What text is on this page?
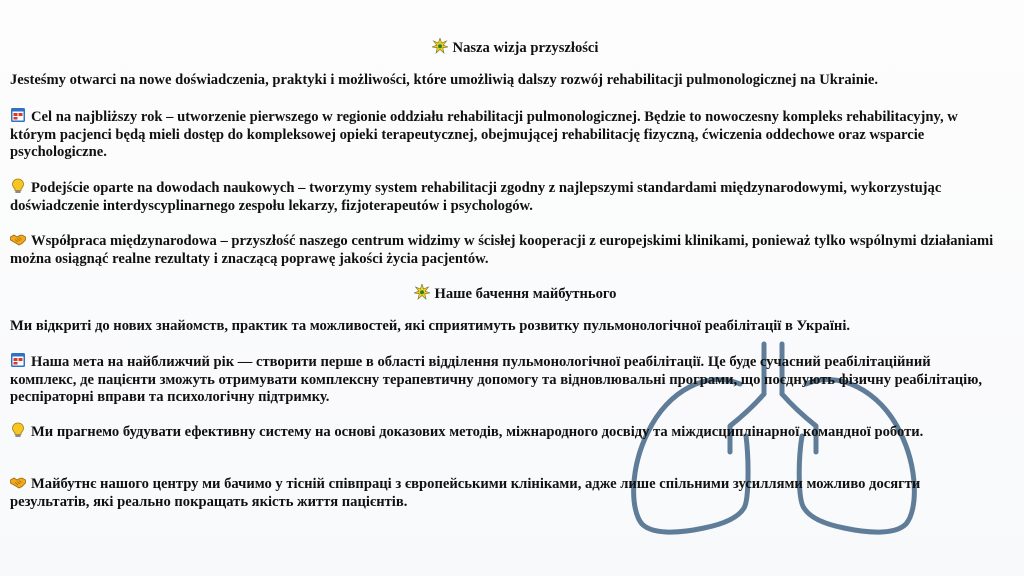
Nasza wizja przyszłości
Jesteśmy otwarci na nowe doświadczenia, praktyki i możliwości, które umożliwią dalszy rozwój rehabilitacji pulmonologicznej na Ukrainie.
Cel na najbliższy rok – utworzenie pierwszego w regionie oddziału rehabilitacji pulmonologicznej. Będzie to nowoczesny kompleks rehabilitacyjny, w którym pacjenci będą mieli dostęp do kompleksowej opieki terapeutycznej, obejmującej rehabilitację fizyczną, ćwiczenia oddechowe oraz wsparcie psychologiczne.
Podejście oparte na dowodach naukowych – tworzymy system rehabilitacji zgodny z najlepszymi standardami międzynarodowymi, wykorzystując doświadczenie interdyscyplinarnego zespołu lekarzy, fizjoterapeutów i psychologów.
Współpraca międzynarodowa – przyszłość naszego centrum widzimy w ścisłej kooperacji z europejskimi klinikami, ponieważ tylko wspólnymi działaniami można osiągnąć realne rezultaty i znaczącą poprawę jakości życia pacjentów.
Наше бачення майбутнього
Ми відкриті до нових знайомств, практик та можливостей, які сприятимуть розвитку пульмонологічної реабілітації в Україні.
Наша мета на найближчий рік — створити перше в області відділення пульмонологічної реабілітації. Це буде сучасний реабілітаційний комплекс, де пацієнти зможуть отримувати комплексну терапевтичну допомогу та відновлювальні програми, що поєднують фізичну реабілітацію, респіраторні вправи та психологічну підтримку.
Ми прагнемо будувати ефективну систему на основі доказових методів, міжнародного досвіду та міждисциплінарної командної роботи.
Майбутнє нашого центру ми бачимо у тісній співпраці з європейськими клініками, адже лише спільними зусиллями можливо досягти результатів, які реально покращать якість життя пацієнтів.
